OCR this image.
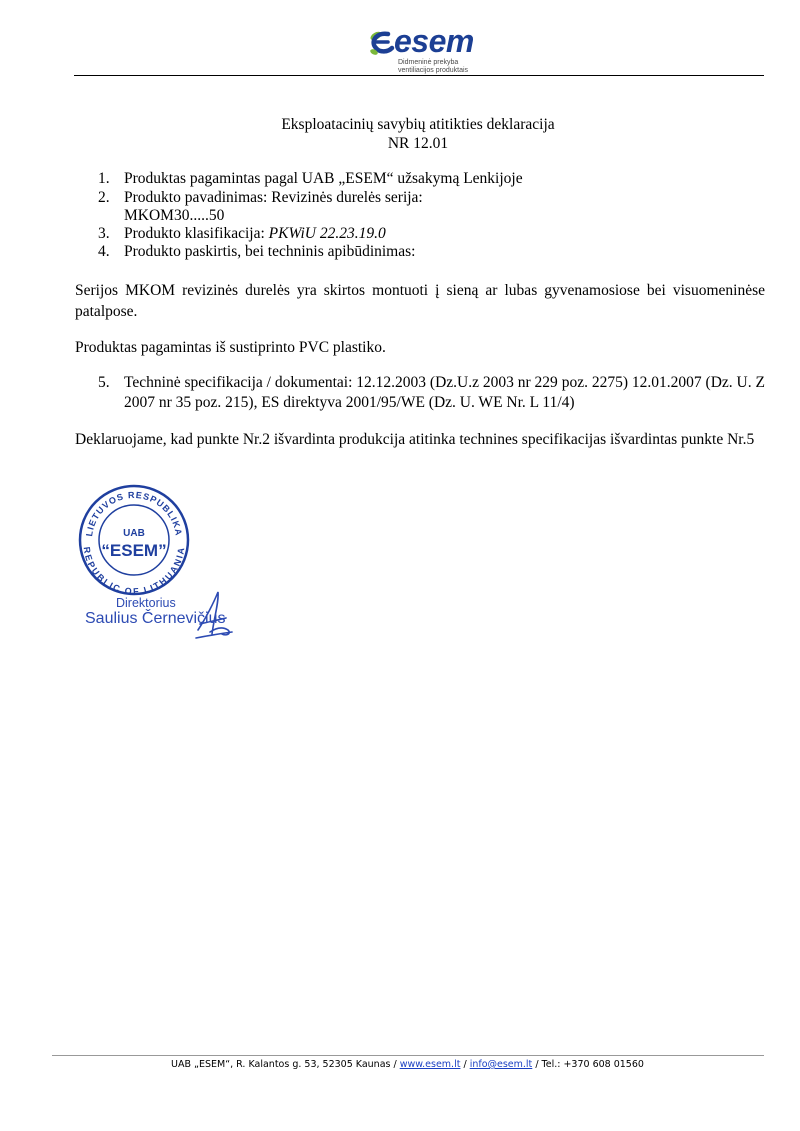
esem
Didmeninė prekyba
ventiliacijos produktais
Eksploatacinių savybių atitikties deklaracija
NR 12.01
1. Produktas pagamintas pagal UAB „ESEM“ užsakymą Lenkijoje
2. Produkto pavadinimas: Revizinės durelės serija:
MKOM30.....50
3. Produkto klasifikacija: PKWiU 22.23.19.0
4. Produkto paskirtis, bei techninis apibūdinimas:
Serijos MKOM revizinės durelės yra skirtos montuoti į sieną ar lubas gyvenamosiose bei visuomeninėse patalpose.
Produktas pagamintas iš sustiprinto PVC plastiko.
5. Techninė specifikacija / dokumentai: 12.12.2003 (Dz.U.z 2003 nr 229 poz. 2275) 12.01.2007 (Dz. U. Z 2007 nr 35 poz. 215), ES direktyva 2001/95/WE (Dz. U. WE Nr. L 11/4)
Deklaruojame, kad punkte Nr.2 išvardinta produkcija atitinka technines specifikacijas išvardintas punkte Nr.5
LIETUVOS RESPUBLIKA
REPUBLIC OF LITHUANIA
UAB
“ESEM”
Direktorius
Saulius Černevičius
UAB „ESEM“, R. Kalantos g. 53, 52305 Kaunas / www.esem.lt / info@esem.lt / Tel.: +370 608 01560
